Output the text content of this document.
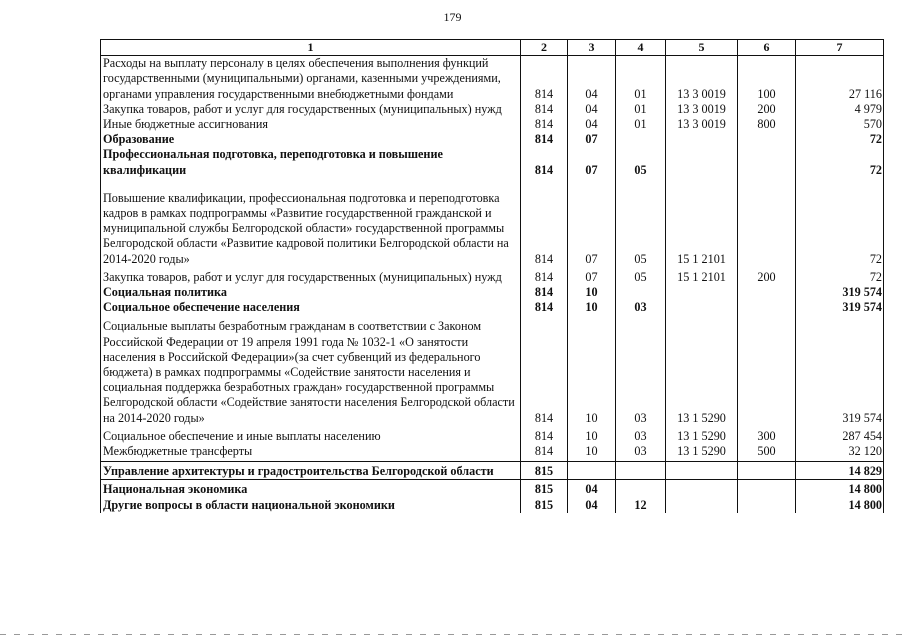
179
1	2	3	4	5	6	7
Расходы на выплату персоналу в целях обеспечения выполнения функций государственными (муниципальными) органами, казенными учреждениями, органами управления государственными внебюджетными фондами	814	04	01	13 3 0019	100	27 116
Закупка товаров, работ и услуг для государственных (муниципальных) нужд	814	04	01	13 3 0019	200	4 979
Иные бюджетные ассигнования	814	04	01	13 3 0019	800	570
Образование	814	07				72
Профессиональная подготовка, переподготовка и повышение квалификации	814	07	05			72
Повышение квалификации, профессиональная подготовка и переподготовка кадров в рамках подпрограммы «Развитие государственной гражданской и муниципальной службы Белгородской области» государственной программы Белгородской области «Развитие кадровой политики Белгородской области на 2014-2020 годы»	814	07	05	15 1 2101		72
Закупка товаров, работ и услуг для государственных (муниципальных) нужд	814	07	05	15 1 2101	200	72
Социальная политика	814	10				319 574
Социальное обеспечение населения	814	10	03			319 574
Социальные выплаты безработным гражданам в соответствии с Законом Российской Федерации от 19 апреля 1991 года № 1032-1 «О занятости населения в Российской Федерации»(за счет субвенций из федерального бюджета) в рамках подпрограммы «Содействие занятости населения и социальная поддержка безработных граждан» государственной программы Белгородской области «Содействие занятости населения Белгородской области на 2014-2020 годы»	814	10	03	13 1 5290		319 574
Социальное обеспечение и иные выплаты населению	814	10	03	13 1 5290	300	287 454
Межбюджетные трансферты	814	10	03	13 1 5290	500	32 120
Управление архитектуры и градостроительства Белгородской области	815					14 829
Национальная экономика	815	04				14 800
Другие вопросы в области национальной экономики	815	04	12			14 800
